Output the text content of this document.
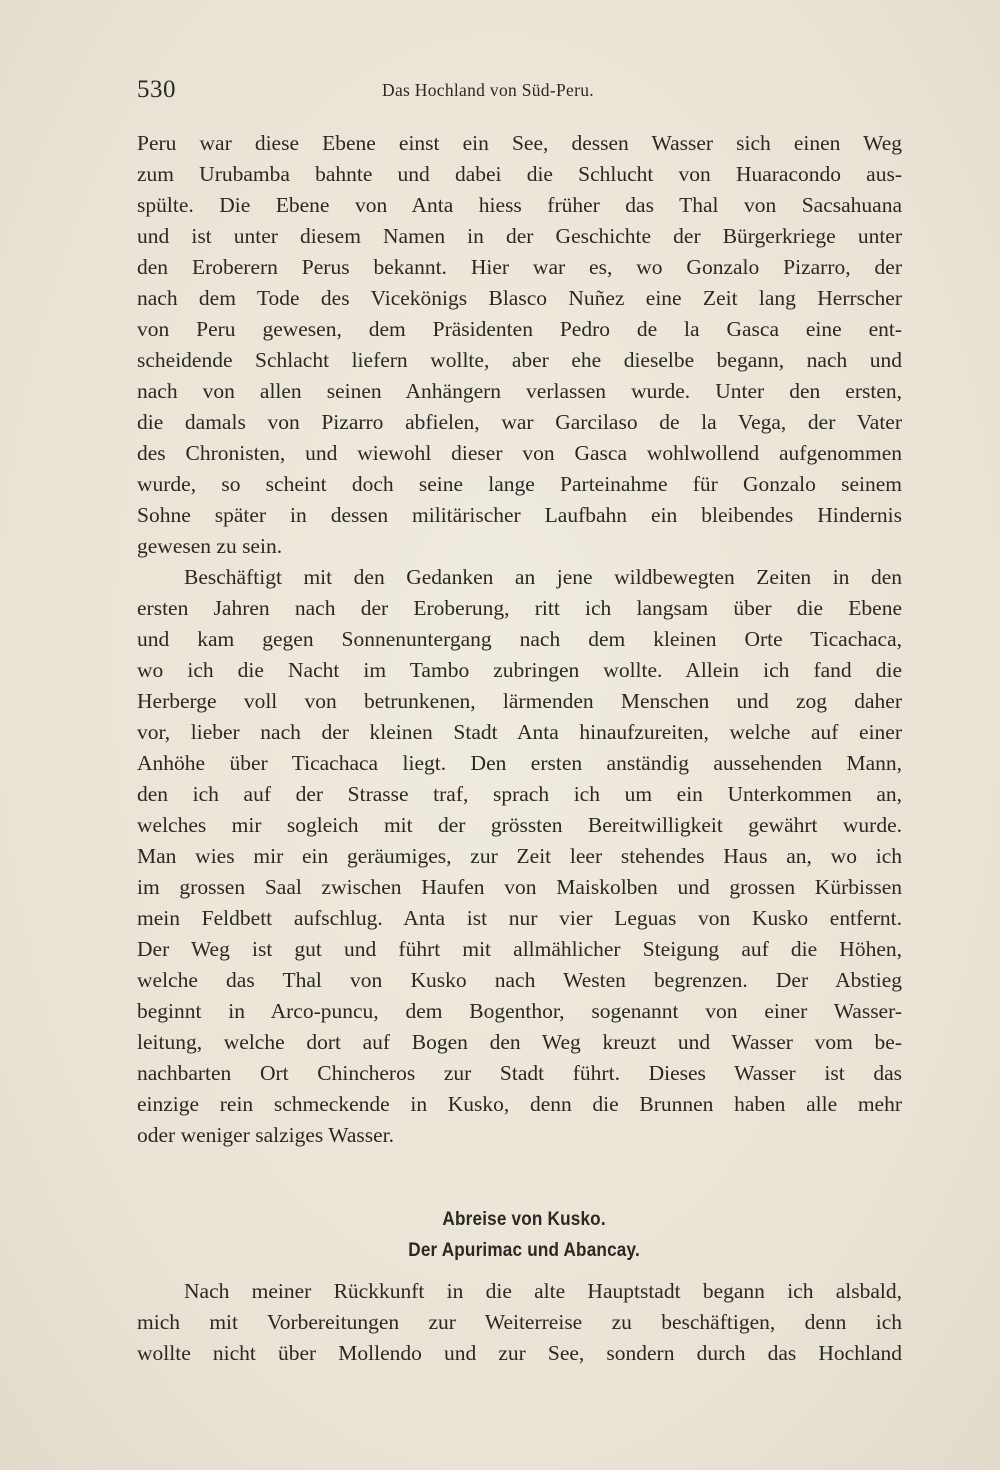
530	Das Hochland von Süd-Peru.
Peru war diese Ebene einst ein See, dessen Wasser sich einen Weg
zum Urubamba bahnte und dabei die Schlucht von Huaracondo aus-
spülte. Die Ebene von Anta hiess früher das Thal von Sacsahuana
und ist unter diesem Namen in der Geschichte der Bürgerkriege unter
den Eroberern Perus bekannt. Hier war es, wo Gonzalo Pizarro, der
nach dem Tode des Vicekönigs Blasco Nuñez eine Zeit lang Herrscher
von Peru gewesen, dem Präsidenten Pedro de la Gasca eine ent-
scheidende Schlacht liefern wollte, aber ehe dieselbe begann, nach und
nach von allen seinen Anhängern verlassen wurde. Unter den ersten,
die damals von Pizarro abfielen, war Garcilaso de la Vega, der Vater
des Chronisten, und wiewohl dieser von Gasca wohlwollend aufgenommen
wurde, so scheint doch seine lange Parteinahme für Gonzalo seinem
Sohne später in dessen militärischer Laufbahn ein bleibendes Hindernis
gewesen zu sein.
Beschäftigt mit den Gedanken an jene wildbewegten Zeiten in den
ersten Jahren nach der Eroberung, ritt ich langsam über die Ebene
und kam gegen Sonnenuntergang nach dem kleinen Orte Ticachaca,
wo ich die Nacht im Tambo zubringen wollte. Allein ich fand die
Herberge voll von betrunkenen, lärmenden Menschen und zog daher
vor, lieber nach der kleinen Stadt Anta hinaufzureiten, welche auf einer
Anhöhe über Ticachaca liegt. Den ersten anständig aussehenden Mann,
den ich auf der Strasse traf, sprach ich um ein Unterkommen an,
welches mir sogleich mit der grössten Bereitwilligkeit gewährt wurde.
Man wies mir ein geräumiges, zur Zeit leer stehendes Haus an, wo ich
im grossen Saal zwischen Haufen von Maiskolben und grossen Kürbissen
mein Feldbett aufschlug. Anta ist nur vier Leguas von Kusko entfernt.
Der Weg ist gut und führt mit allmählicher Steigung auf die Höhen,
welche das Thal von Kusko nach Westen begrenzen. Der Abstieg
beginnt in Arco-puncu, dem Bogenthor, sogenannt von einer Wasser-
leitung, welche dort auf Bogen den Weg kreuzt und Wasser vom be-
nachbarten Ort Chincheros zur Stadt führt. Dieses Wasser ist das
einzige rein schmeckende in Kusko, denn die Brunnen haben alle mehr
oder weniger salziges Wasser.
Abreise von Kusko.
Der Apurimac und Abancay.
Nach meiner Rückkunft in die alte Hauptstadt begann ich alsbald,
mich mit Vorbereitungen zur Weiterreise zu beschäftigen, denn ich
wollte nicht über Mollendo und zur See, sondern durch das Hochland
